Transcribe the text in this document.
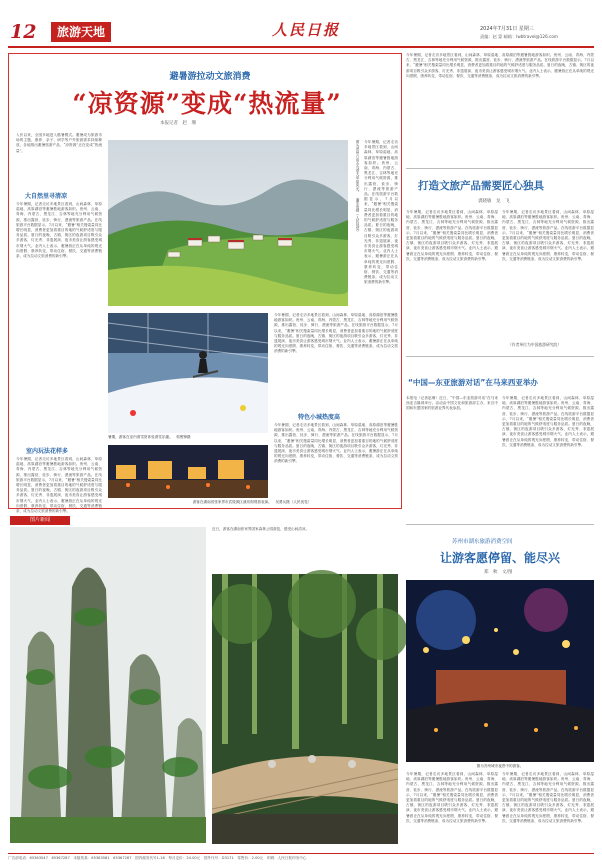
12	旅游天地	人民日报	2024年7月31日 星期三
责编：赵 蒙 邮箱：lwbtravel@126.com
避暑游拉动文旅消费
“凉资源”变成“热流量”
本报记者　赵　珊
入伏以来，全国多地进入酷暑模式。避暑成为旅游市场的主题，康养、亲子、研学等户外旅游需求持续释放，各地推出避暑旅游产品，“凉资源”正在变成“热流量”。
大自然里寻清凉
今年暑期，记者走访多地景区看到，山间森林、草原湿地、高原湖泊等避暑胜地游客如织。贵州、云南、青海、内蒙古、黑龙江、吉林等地充分利用气候资源，推出露营、徒步、骑行、漂流等旅游产品。在线旅游平台数据显示，7月以来，“避暑”相关搜索量同比增长明显，消费者更加看重目的地的气候舒适度与服务品质。夏日的夜晚，古镇、街区的夜游项目吸引众多游客，灯光秀、非遗展演、夜市美食让游客感受城市烟火气。业内人士表示，避暑游正在从单纯的观光向度假、康养转变，带动住宿、餐饮、交通等消费链条，成为拉动文旅消费的新引擎。
室内玩法花样多
今年暑期，记者走访多地景区看到，山间森林、草原湿地、高原湖泊等避暑胜地游客如织。贵州、云南、青海、内蒙古、黑龙江、吉林等地充分利用气候资源，推出露营、徒步、骑行、漂流等旅游产品。在线旅游平台数据显示，7月以来，“避暑”相关搜索量同比增长明显，消费者更加看重目的地的气候舒适度与服务品质。夏日的夜晚，古镇、街区的夜游项目吸引众多游客，灯光秀、非遗展演、夜市美食让游客感受城市烟火气。业内人士表示，避暑游正在从单纯的观光向度假、康养转变，带动住宿、餐饮、交通等消费链条，成为拉动文旅消费的新引擎。
图为贵州六盘水乌蒙大草原风光。　潘军贵摄（人民视觉） 今年暑期，记者走访多地景区看到，山间森林、草原湿地、高原湖泊等避暑胜地游客如织。贵州、云南、青海、内蒙古、黑龙江、吉林等地充分利用气候资源，推出露营、徒步、骑行、漂流等旅游产品。在线旅游平台数据显示，7月以来，“避暑”相关搜索量同比增长明显，消费者更加看重目的地的气候舒适度与服务品质。夏日的夜晚，古镇、街区的夜游项目吸引众多游客，灯光秀、非遗展演、夜市美食让游客感受城市烟火气。业内人士表示，避暑游正在从单纯的观光向度假、康养转变，带动住宿、餐饮、交通等消费链条，成为拉动文旅消费的新引擎。
暑期，游客在室内滑雪馆体验滑雪乐趣。　郭俊锋摄
今年暑期，记者走访多地景区看到，山间森林、草原湿地、高原湖泊等避暑胜地游客如织。贵州、云南、青海、内蒙古、黑龙江、吉林等地充分利用气候资源，推出露营、徒步、骑行、漂流等旅游产品。在线旅游平台数据显示，7月以来，“避暑”相关搜索量同比增长明显，消费者更加看重目的地的气候舒适度与服务品质。夏日的夜晚，古镇、街区的夜游项目吸引众多游客，灯光秀、非遗展演、夜市美食让游客感受城市烟火气。业内人士表示，避暑游正在从单纯的观光向度假、康养转变，带动住宿、餐饮、交通等消费链条，成为拉动文旅消费的新引擎。
特色小城热度高
今年暑期，记者走访多地景区看到，山间森林、草原湿地、高原湖泊等避暑胜地游客如织。贵州、云南、青海、内蒙古、黑龙江、吉林等地充分利用气候资源，推出露营、徒步、骑行、漂流等旅游产品。在线旅游平台数据显示，7月以来，“避暑”相关搜索量同比增长明显，消费者更加看重目的地的气候舒适度与服务品质。夏日的夜晚，古镇、街区的夜游项目吸引众多游客，灯光秀、非遗展演、夜市美食让游客感受城市烟火气。业内人士表示，避暑游正在从单纯的观光向度假、康养转变，带动住宿、餐饮、交通等消费链条，成为拉动文旅消费的新引擎。
游客在湖南省张家界市武陵源区溪布街观看表演。　吴勇兵摄（人民视觉）
图片新闻
近日，游客在湖南张家界国家森林公园游览，感受山间清凉。
今年暑期，记者走访多地景区看到，山间森林、草原湿地、高原湖泊等避暑胜地游客如织。贵州、云南、青海、内蒙古、黑龙江、吉林等地充分利用气候资源，推出露营、徒步、骑行、漂流等旅游产品。在线旅游平台数据显示，7月以来，“避暑”相关搜索量同比增长明显，消费者更加看重目的地的气候舒适度与服务品质。夏日的夜晚，古镇、街区的夜游项目吸引众多游客，灯光秀、非遗展演、夜市美食让游客感受城市烟火气。业内人士表示，避暑游正在从单纯的观光向度假、康养转变，带动住宿、餐饮、交通等消费链条，成为拉动文旅消费的新引擎。
打造文旅产品需要匠心独具
裘晓敏　龙　飞
今年暑期，记者走访多地景区看到，山间森林、草原湿地、高原湖泊等避暑胜地游客如织。贵州、云南、青海、内蒙古、黑龙江、吉林等地充分利用气候资源，推出露营、徒步、骑行、漂流等旅游产品。在线旅游平台数据显示，7月以来，“避暑”相关搜索量同比增长明显，消费者更加看重目的地的气候舒适度与服务品质。夏日的夜晚，古镇、街区的夜游项目吸引众多游客，灯光秀、非遗展演、夜市美食让游客感受城市烟火气。业内人士表示，避暑游正在从单纯的观光向度假、康养转变，带动住宿、餐饮、交通等消费链条，成为拉动文旅消费的新引擎。
今年暑期，记者走访多地景区看到，山间森林、草原湿地、高原湖泊等避暑胜地游客如织。贵州、云南、青海、内蒙古、黑龙江、吉林等地充分利用气候资源，推出露营、徒步、骑行、漂流等旅游产品。在线旅游平台数据显示，7月以来，“避暑”相关搜索量同比增长明显，消费者更加看重目的地的气候舒适度与服务品质。夏日的夜晚，古镇、街区的夜游项目吸引众多游客，灯光秀、非遗展演、夜市美食让游客感受城市烟火气。业内人士表示，避暑游正在从单纯的观光向度假、康养转变，带动住宿、餐饮、交通等消费链条，成为拉动文旅消费的新引擎。
（作者单位为中国旅游研究院）
“中国—东亚旅游对话”在马来西亚举办
本报电（记者赵珊）近日，“中国—东亚旅游对话”在马来西亚吉隆坡举行。活动由中国文化和旅游部主办，来自中国和东盟国家的旅游业界代表参加。
今年暑期，记者走访多地景区看到，山间森林、草原湿地、高原湖泊等避暑胜地游客如织。贵州、云南、青海、内蒙古、黑龙江、吉林等地充分利用气候资源，推出露营、徒步、骑行、漂流等旅游产品。在线旅游平台数据显示，7月以来，“避暑”相关搜索量同比增长明显，消费者更加看重目的地的气候舒适度与服务品质。夏日的夜晚，古镇、街区的夜游项目吸引众多游客，灯光秀、非遗展演、夜市美食让游客感受城市烟火气。业内人士表示，避暑游正在从单纯的观光向度假、康养转变，带动住宿、餐饮、交通等消费链条，成为拉动文旅消费的新引擎。
苏州市湖东旅游消费空间
让游客愿停留、能尽兴
郑　秋　文/图
图为苏州城市夜景中的游客。
今年暑期，记者走访多地景区看到，山间森林、草原湿地、高原湖泊等避暑胜地游客如织。贵州、云南、青海、内蒙古、黑龙江、吉林等地充分利用气候资源，推出露营、徒步、骑行、漂流等旅游产品。在线旅游平台数据显示，7月以来，“避暑”相关搜索量同比增长明显，消费者更加看重目的地的气候舒适度与服务品质。夏日的夜晚，古镇、街区的夜游项目吸引众多游客，灯光秀、非遗展演、夜市美食让游客感受城市烟火气。业内人士表示，避暑游正在从单纯的观光向度假、康养转变，带动住宿、餐饮、交通等消费链条，成为拉动文旅消费的新引擎。
今年暑期，记者走访多地景区看到，山间森林、草原湿地、高原湖泊等避暑胜地游客如织。贵州、云南、青海、内蒙古、黑龙江、吉林等地充分利用气候资源，推出露营、徒步、骑行、漂流等旅游产品。在线旅游平台数据显示，7月以来，“避暑”相关搜索量同比增长明显，消费者更加看重目的地的气候舒适度与服务品质。夏日的夜晚，古镇、街区的夜游项目吸引众多游客，灯光秀、非遗展演、夜市美食让游客感受城市烟火气。业内人士表示，避暑游正在从单纯的观光向度假、康养转变，带动住宿、餐饮、交通等消费链条，成为拉动文旅消费的新引擎。
广告部电话：65363547　65367287　本版传真：65363581　65367287　国内邮发代号1-16　每月定价：24.00元　国外代号：D3171　零售价：2.00元　印刷：人民日报印务中心
